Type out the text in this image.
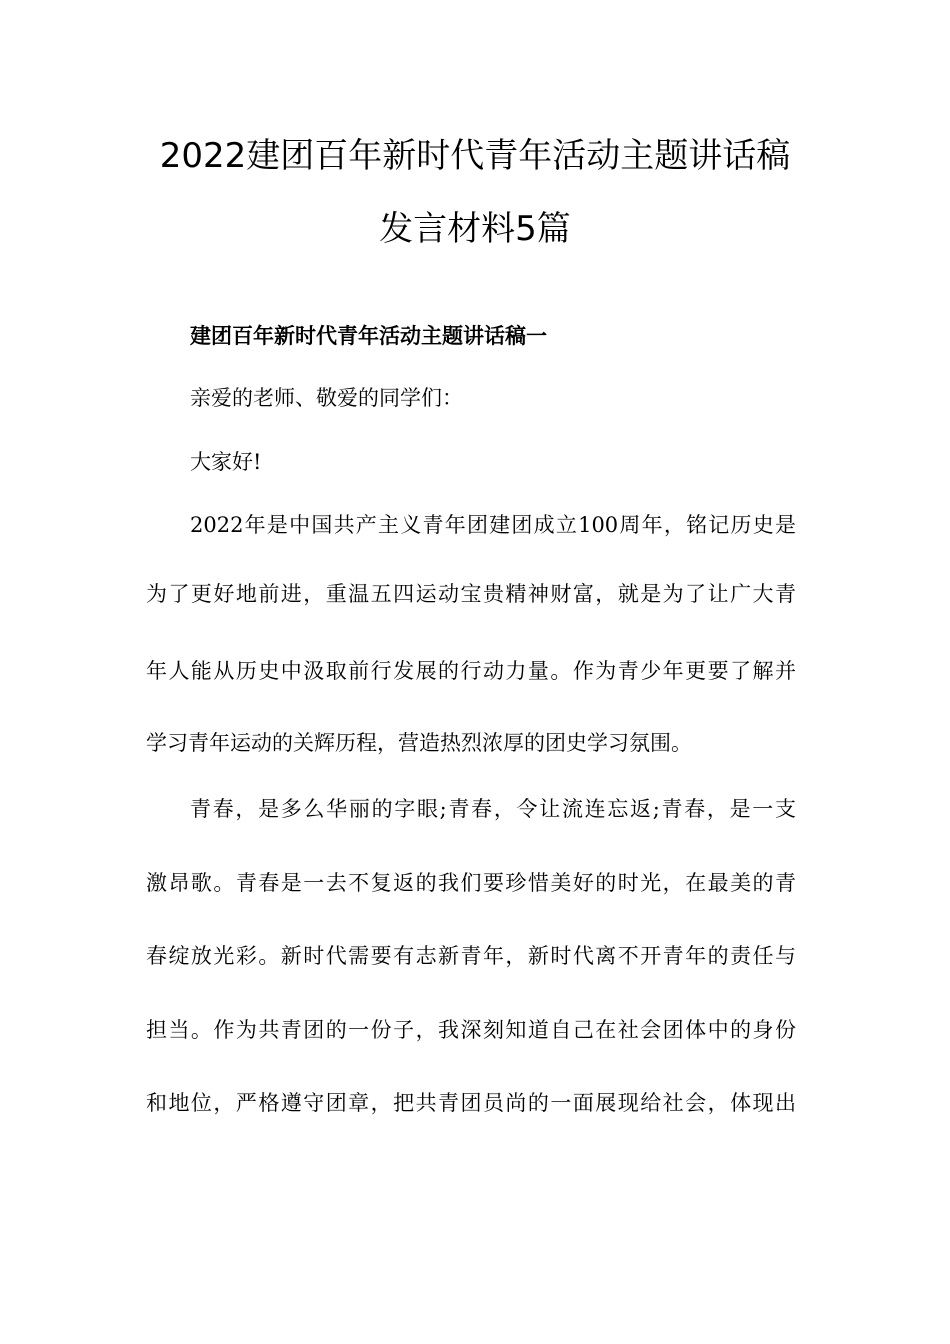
2022建团百年新时代青年活动主题讲话稿
发言材料5篇
建团百年新时代青年活动主题讲话稿一

亲爱的老师、敬爱的同学们：

大家好!

2022年是中国共产主义青年团建团成立100周年，铭记历史是

为了更好地前进，重温五四运动宝贵精神财富，就是为了让广大青

年人能从历史中汲取前行发展的行动力量。作为青少年更要了解并

学习青年运动的关辉历程，营造热烈浓厚的团史学习氛围。

青春，是多么华丽的字眼;青春，令让流连忘返;青春，是一支

激昂歌。青春是一去不复返的我们要珍惜美好的时光，在最美的青

春绽放光彩。新时代需要有志新青年，新时代离不开青年的责任与

担当。作为共青团的一份子，我深刻知道自己在社会团体中的身份

和地位，严格遵守团章，把共青团员尚的一面展现给社会，体现出
